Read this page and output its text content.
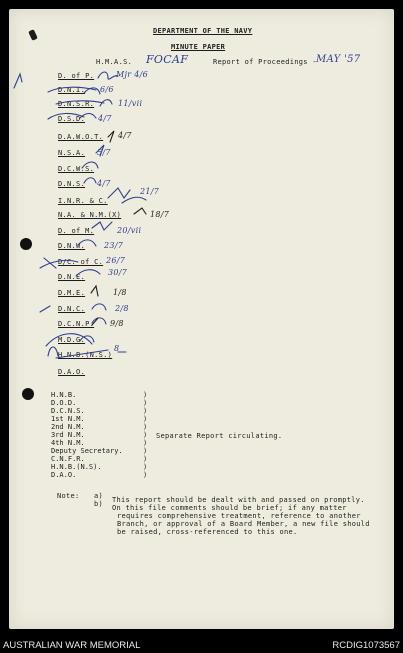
DEPARTMENT OF THE NAVY
MINUTE PAPER
H.M.A.S. FOCAF	Report of Proceedings - MAY '57
D. of P.
D.N.I.
D.N.S.R.
D.S.D.
D.A.W.O.T.
N.S.A.
D.C.W.S.
D.N.S.
I.N.R. & C.
N.A. & N.M.(X)
D. of M.
D.N.W.
D/C. of C.
D.N.E.
D.M.E.
D.N.C.
D.C.N.P.
M.D.G.
H.N.B.(N.S.)
D.A.O.
Mjr 4/6
6/6
11/vii
4/7
4/7
5/7
4/7
21/7
18/7
20/vii
23/7
26/7
30/7
1/8
2/8
9/8
8
H.N.B.
D.O.D.
D.C.N.S.
1st N.M.
2nd N.M.
3rd N.M.
4th N.M.
Deputy Secretary.
C.N.F.R.
H.N.B.(N.S).
D.A.O.
)
)
)
)
)
)
)
)
)
)
)
Separate Report circulating.
Note: a) This report should be dealt with and passed on promptly.
b) On this file comments should be brief; if any matter
requires comprehensive treatment, reference to another
Branch, or approval of a Board Member, a new file should
be raised, cross-referenced to this one.
AUSTRALIAN WAR MEMORIAL	RCDIG1073567
